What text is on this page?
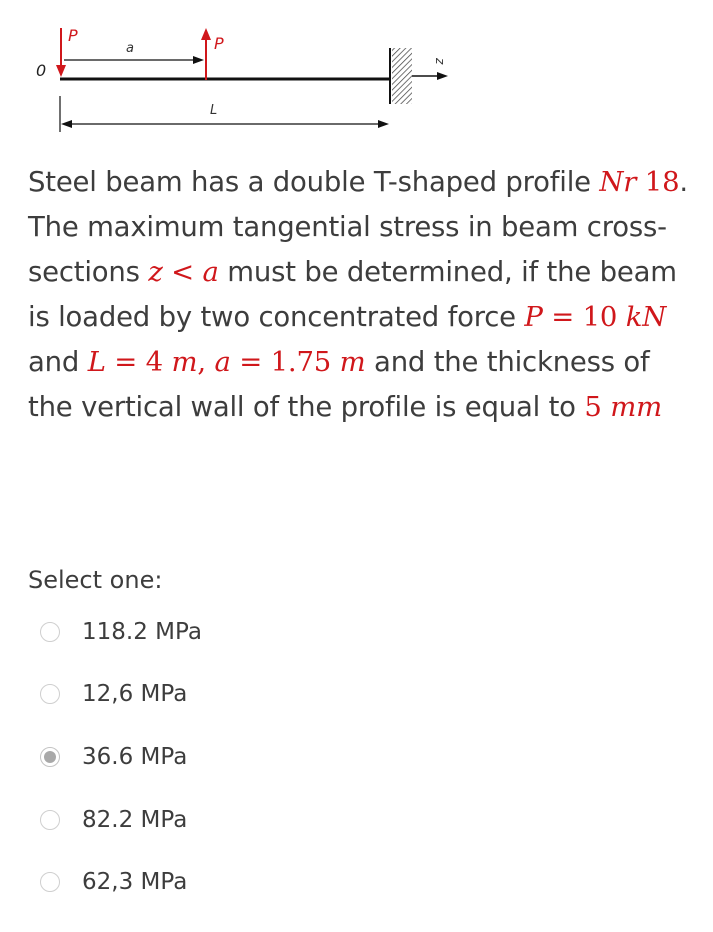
z
P	P
0
a
L
Steel beam has a double T-shaped profile Nr 18. The maximum tangential stress in beam cross-sections z < a must be determined, if the beam is loaded by two concentrated force P = 10 kN and L = 4 m, a = 1.75 m and the thickness of the vertical wall of the profile is equal to 5 mm
Select one:
118.2 MPa
12,6 MPa
36.6 MPa
82.2 MPa
62,3 MPa
